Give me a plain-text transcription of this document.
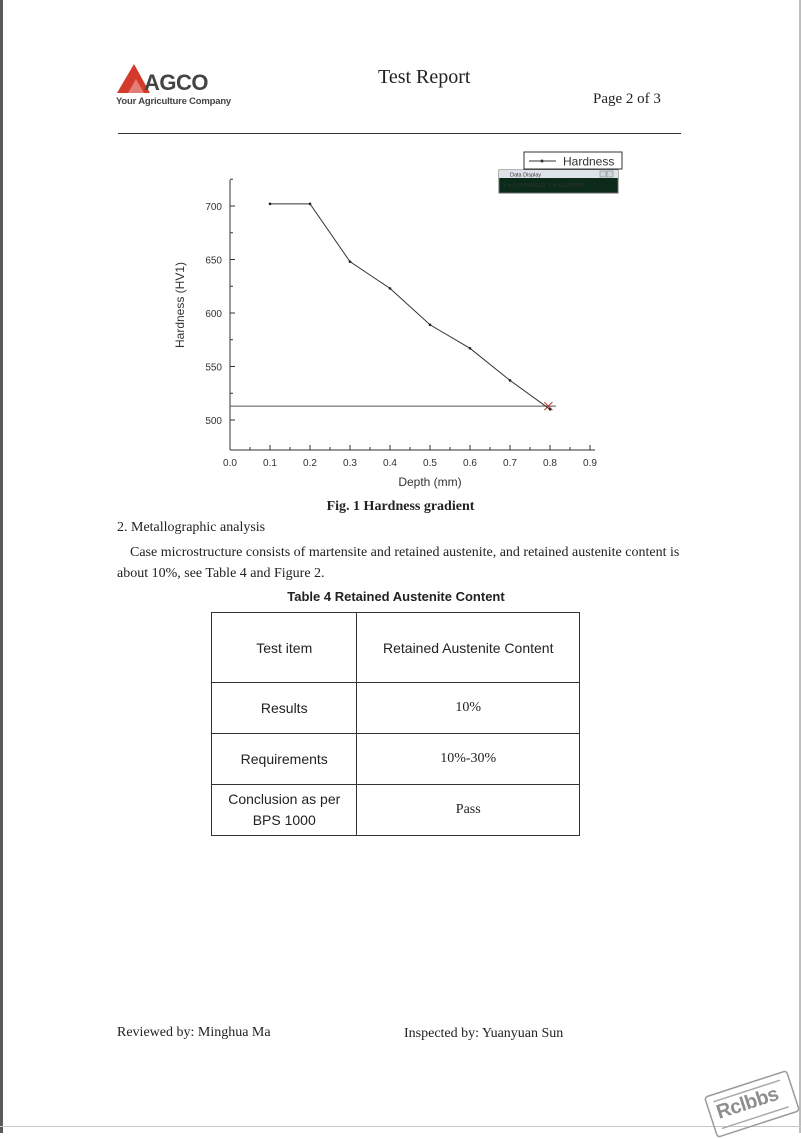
AGCO
Your Agriculture Company
Test Report
Page 2 of 3
0.0	0.1	0.2	0.3	0.4	0.5	0.6	0.7	0.8	0.9
500
550
600
650
700
Depth (mm)
Hardness (HV1)
Hardness
Data Display
X = 0.796066263, Y = 513.26507
Fig. 1 Hardness gradient
2. Metallographic analysis
Case microstructure consists of martensite and retained austenite, and retained austenite content is about 10%, see Table 4 and Figure 2.
Table 4 Retained Austenite Content
Test item	Retained Austenite Content
Results	10%
Requirements	10%-30%
Conclusion as per
BPS 1000	Pass
Reviewed by: Minghua Ma	Inspected by: Yuanyuan Sun
Rclbbs
